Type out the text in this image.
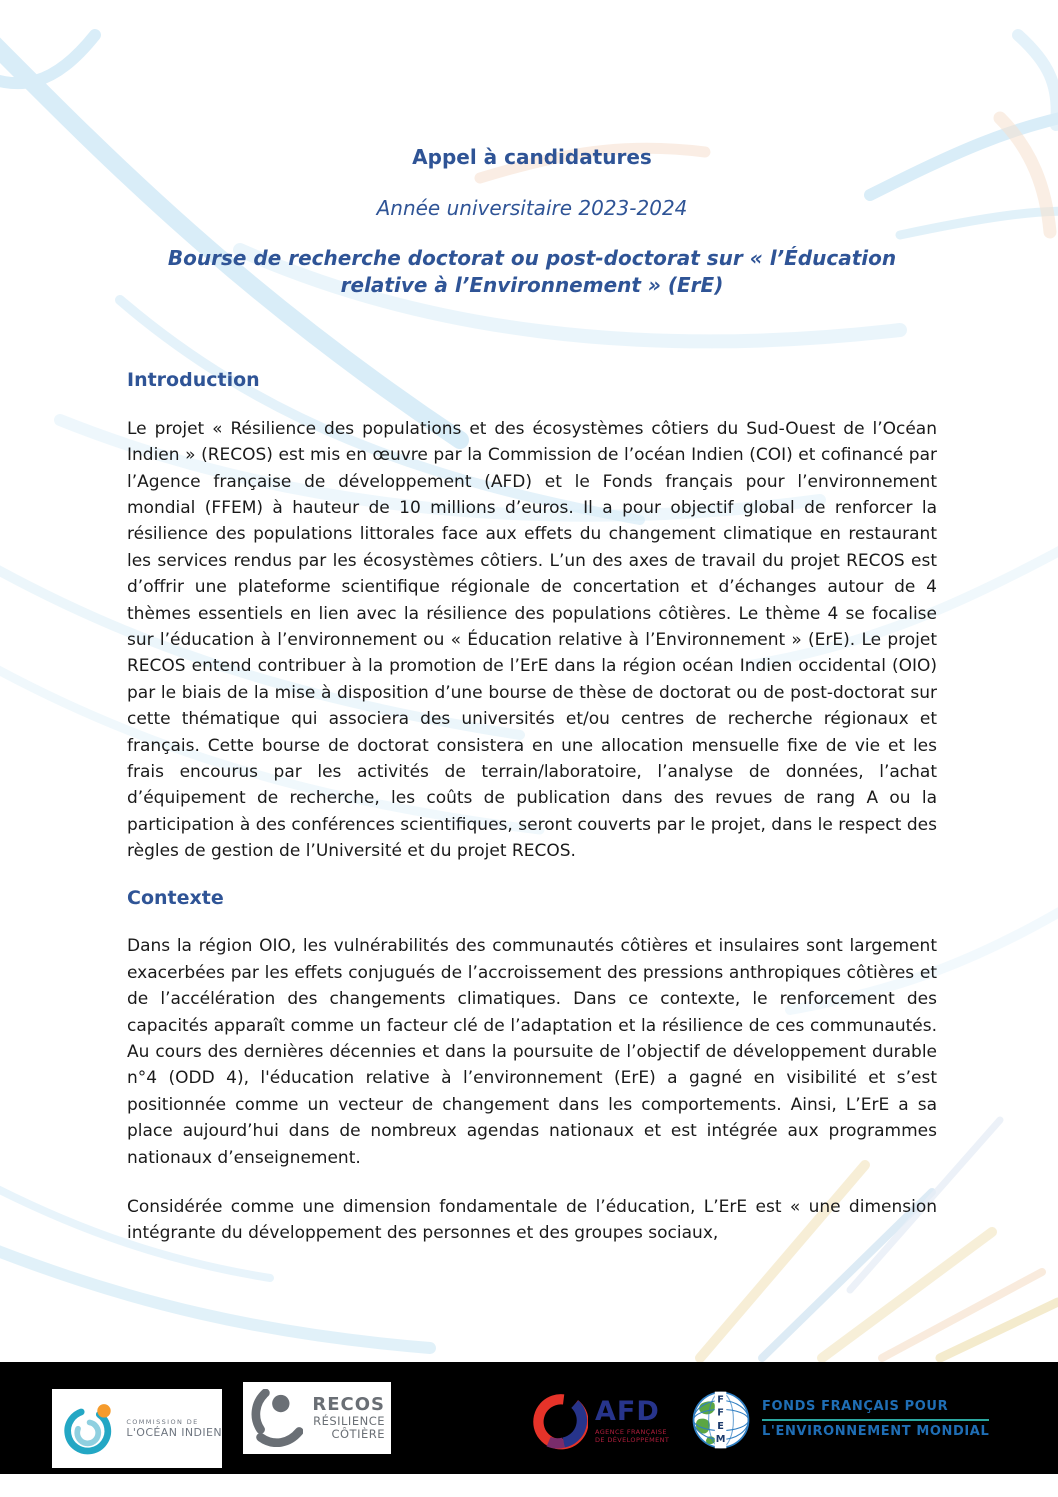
Appel à candidatures

Année universitaire 2023-2024

Bourse de recherche doctorat ou post-doctorat sur « l’Éducation relative à l’Environnement » (ErE)
Introduction

Le projet « Résilience des populations et des écosystèmes côtiers du Sud-Ouest de l’Océan Indien » (RECOS) est mis en œuvre par la Commission de l’océan Indien (COI) et cofinancé par l’Agence française de développement (AFD) et le Fonds français pour l’environnement mondial (FFEM) à hauteur de 10 millions d’euros. Il a pour objectif global de renforcer la résilience des populations littorales face aux effets du changement climatique en restaurant les services rendus par les écosystèmes côtiers. L’un des axes de travail du projet RECOS est d’offrir une plateforme scientifique régionale de concertation et d’échanges autour de 4 thèmes essentiels en lien avec la résilience des populations côtières. Le thème 4 se focalise sur l’éducation à l’environnement ou « Éducation relative à l’Environnement » (ErE). Le projet RECOS entend contribuer à la promotion de l’ErE dans la région océan Indien occidental (OIO) par le biais de la mise à disposition d’une bourse de thèse de doctorat ou de post-doctorat sur cette thématique qui associera des universités et/ou centres de recherche régionaux et français. Cette bourse de doctorat consistera en une allocation mensuelle fixe de vie et les frais encourus par les activités de terrain/laboratoire, l’analyse de données, l’achat d’équipement de recherche, les coûts de publication dans des revues de rang A ou la participation à des conférences scientifiques, seront couverts par le projet, dans le respect des règles de gestion de l’Université et du projet RECOS.

Contexte

Dans la région OIO, les vulnérabilités des communautés côtières et insulaires sont largement exacerbées par les effets conjugués de l’accroissement des pressions anthropiques côtières et de l’accélération des changements climatiques. Dans ce contexte, le renforcement des capacités apparaît comme un facteur clé de l’adaptation et la résilience de ces communautés. Au cours des dernières décennies et dans la poursuite de l’objectif de développement durable n°4 (ODD 4), l'éducation relative à l’environnement (ErE) a gagné en visibilité et s’est positionnée comme un vecteur de changement dans les comportements. Ainsi, L’ErE a sa place aujourd’hui dans de nombreux agendas nationaux et est intégrée aux programmes nationaux d’enseignement.

Considérée comme une dimension fondamentale de l’éducation, L’ErE est « une dimension intégrante du développement des personnes et des groupes sociaux,

COMMISSION DE
L'OCÉAN INDIEN
RECOS
RÉSILIENCE
CÔTIÈRE
AFD
AGENCE FRANÇAISE
DE DÉVELOPPEMENT
F
F
E
M
FONDS FRANÇAIS POUR
L'ENVIRONNEMENT MONDIAL
